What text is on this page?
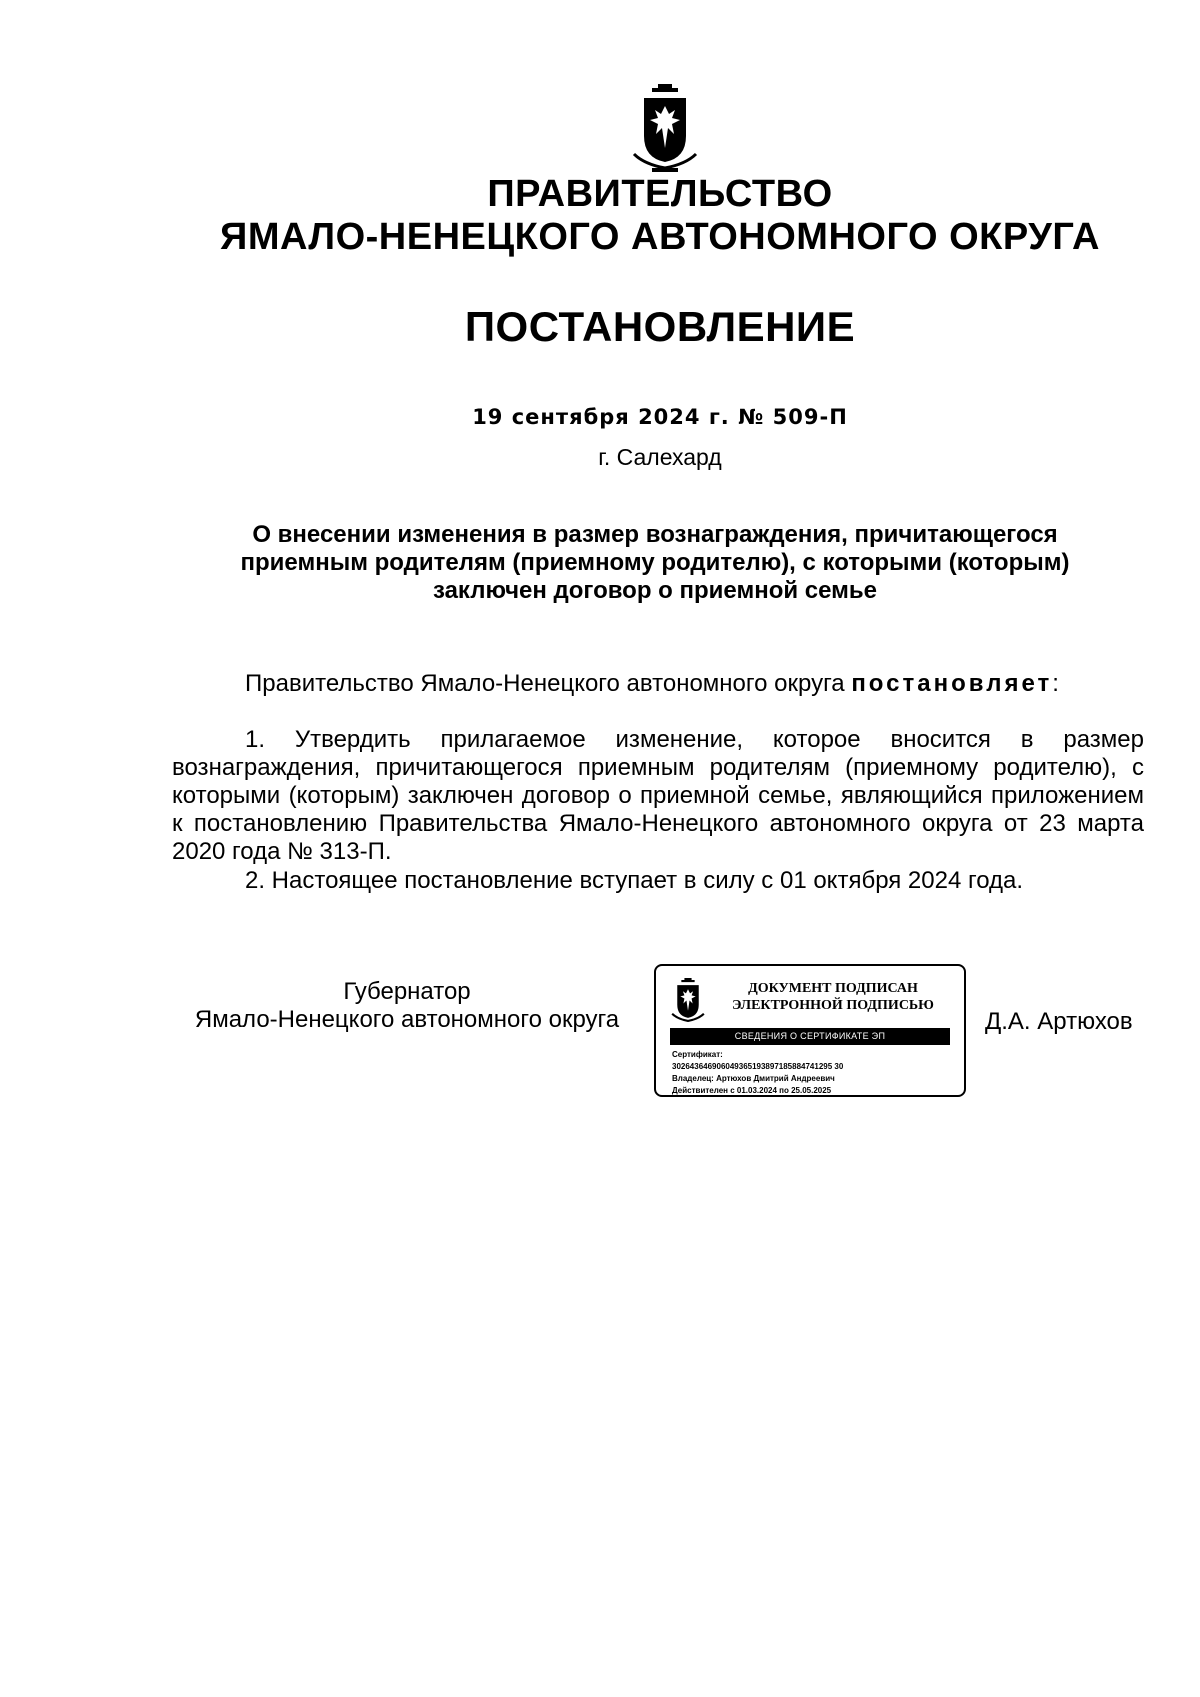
ПРАВИТЕЛЬСТВО
ЯМАЛО-НЕНЕЦКОГО АВТОНОМНОГО ОКРУГА
ПОСТАНОВЛЕНИЕ
19 сентября 2024 г. № 509-П
г. Салехард
О внесении изменения в размер вознаграждения, причитающегося
приемным родителям (приемному родителю), с которыми (которым)
заключен договор о приемной семье
Правительство Ямало-Ненецкого автономного округа постановляет:
1. Утвердить прилагаемое изменение, которое вносится в размер вознаграждения, причитающегося приемным родителям (приемному родителю), с которыми (которым) заключен договор о приемной семье, являющийся приложением к постановлению Правительства Ямало-Ненецкого автономного округа от 23 марта 2020 года № 313-П.
2. Настоящее постановление вступает в силу с 01 октября 2024 года.
Губернатор
Ямало-Ненецкого автономного округа
ДОКУМЕНТ ПОДПИСАН
ЭЛЕКТРОННОЙ ПОДПИСЬЮ
СВЕДЕНИЯ О СЕРТИФИКАТЕ ЭП
Сертификат:
302643646906049365193897185884741295 30
Владелец: Артюхов Дмитрий Андреевич
Действителен с 01.03.2024 по 25.05.2025
Д.А. Артюхов
